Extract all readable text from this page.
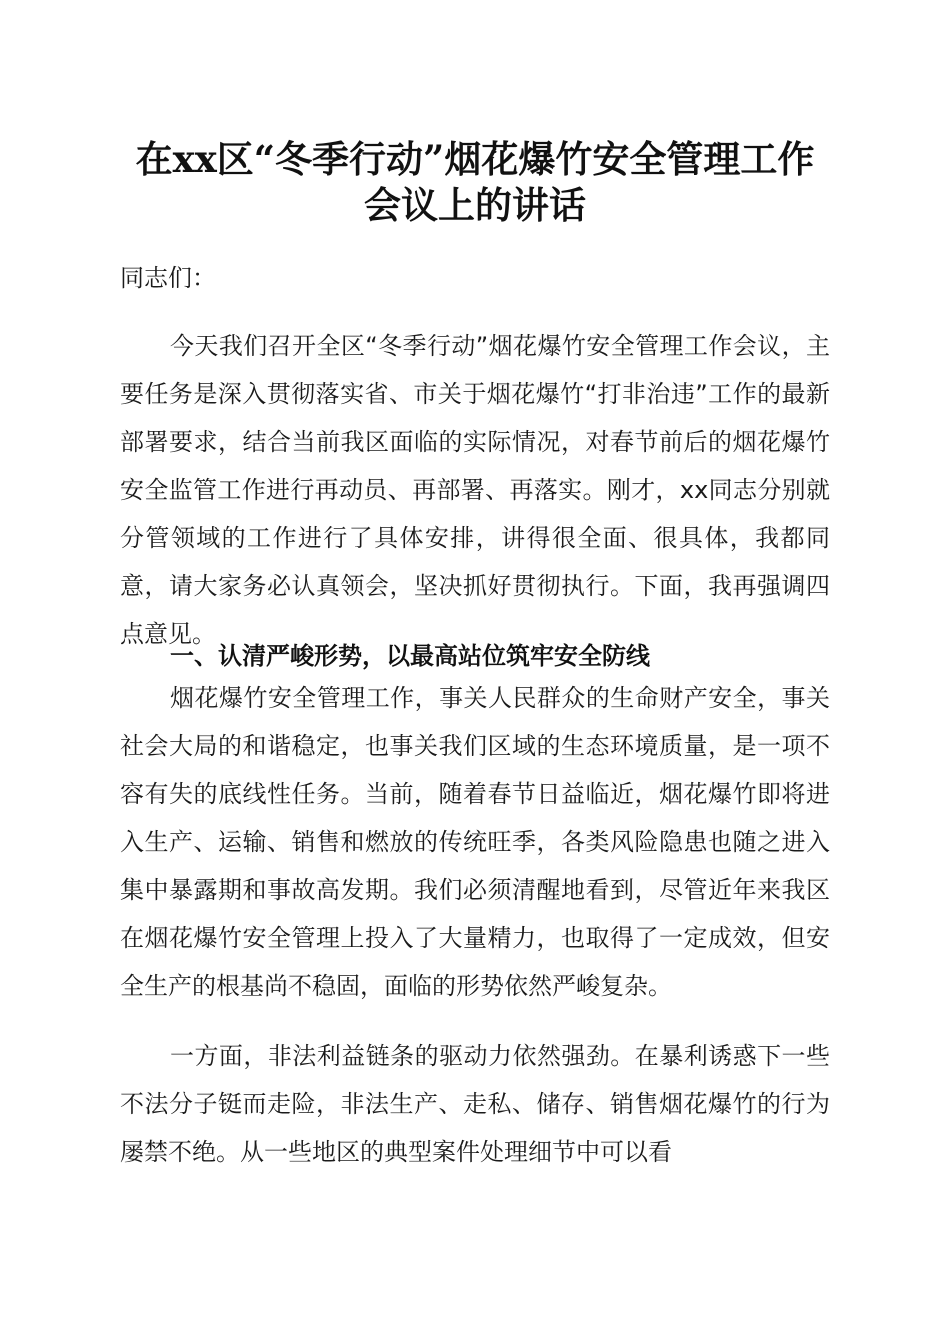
在xx区“冬季行动”烟花爆竹安全管理工作
会议上的讲话
同志们：
今天我们召开全区“冬季行动”烟花爆竹安全管理工作会议，主要任务是深入贯彻落实省、市关于烟花爆竹“打非治违”工作的最新部署要求，结合当前我区面临的实际情况，对春节前后的烟花爆竹安全监管工作进行再动员、再部署、再落实。刚才，xx同志分别就分管领域的工作进行了具体安排，讲得很全面、很具体，我都同意，请大家务必认真领会，坚决抓好贯彻执行。下面，我再强调四点意见。
一、认清严峻形势，以最高站位筑牢安全防线
烟花爆竹安全管理工作，事关人民群众的生命财产安全，事关社会大局的和谐稳定，也事关我们区域的生态环境质量，是一项不容有失的底线性任务。当前，随着春节日益临近，烟花爆竹即将进入生产、运输、销售和燃放的传统旺季，各类风险隐患也随之进入集中暴露期和事故高发期。我们必须清醒地看到，尽管近年来我区在烟花爆竹安全管理上投入了大量精力，也取得了一定成效，但安全生产的根基尚不稳固，面临的形势依然严峻复杂。
一方面，非法利益链条的驱动力依然强劲。在暴利诱惑下一些不法分子铤而走险，非法生产、走私、储存、销售烟花爆竹的行为屡禁不绝。从一些地区的典型案件处理细节中可以看
